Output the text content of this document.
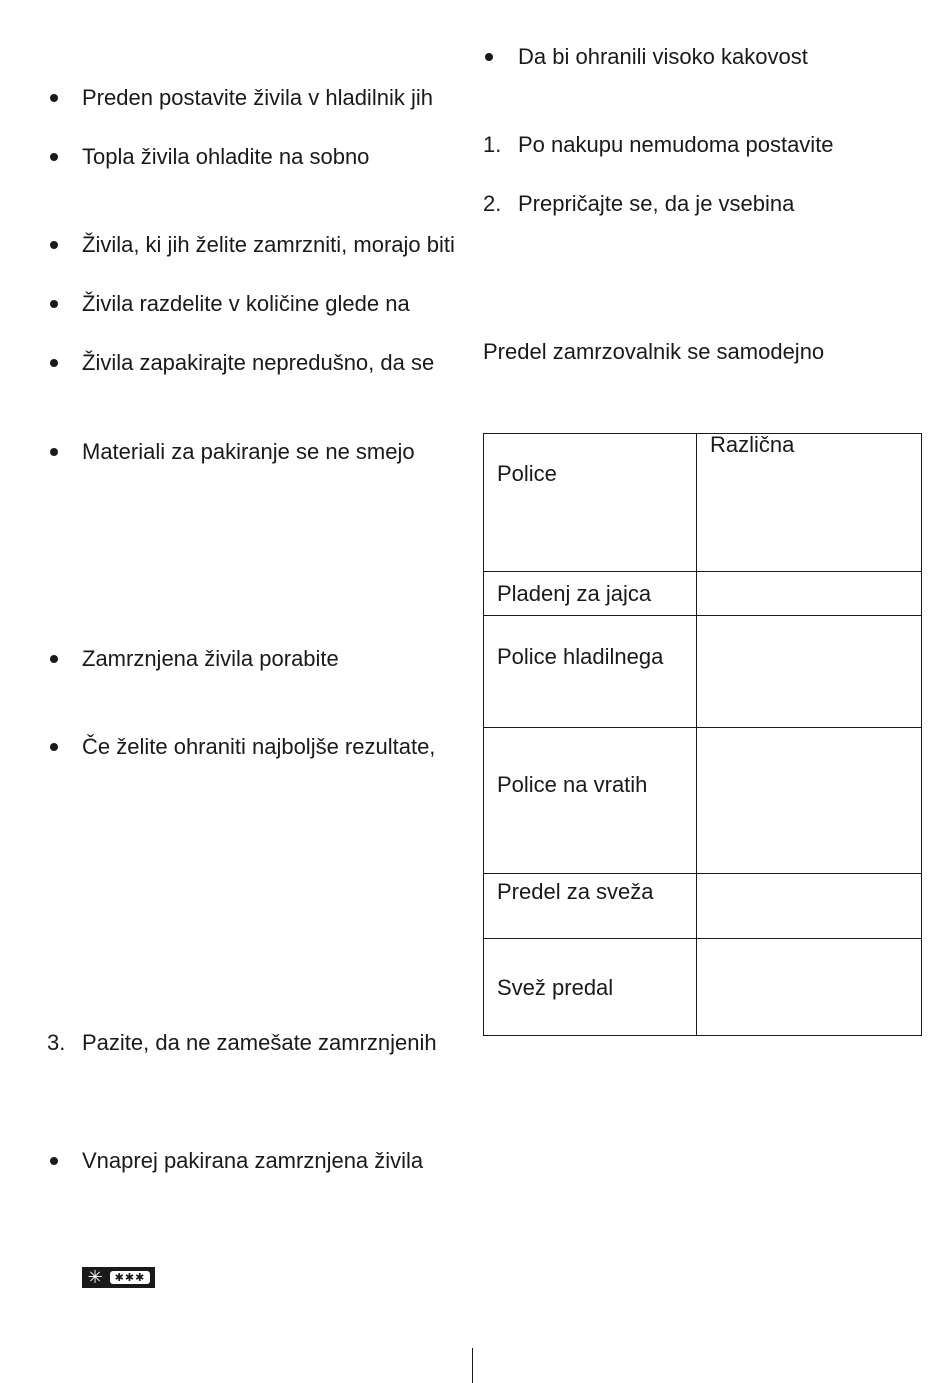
Preden postavite živila v hladilnik jih
Topla živila ohladite na sobno
Živila, ki jih želite zamrzniti, morajo biti
Živila razdelite v količine glede na
Živila zapakirajte nepredušno, da se
Materiali za pakiranje se ne smejo
Zamrznjena živila porabite
Če želite ohraniti najboljše rezultate,
3. Pazite, da ne zamešate zamrznjenih
Vnaprej pakirana zamrznjena živila
✳	✱✱✱
Da bi ohranili visoko kakovost
1. Po nakupu nemudoma postavite
2. Prepričajte se, da je vsebina
Predel zamrzovalnik se samodejno
Police
Različna
Pladenj za jajca
Police hladilnega
Police na vratih
Predel za sveža
Svež predal
